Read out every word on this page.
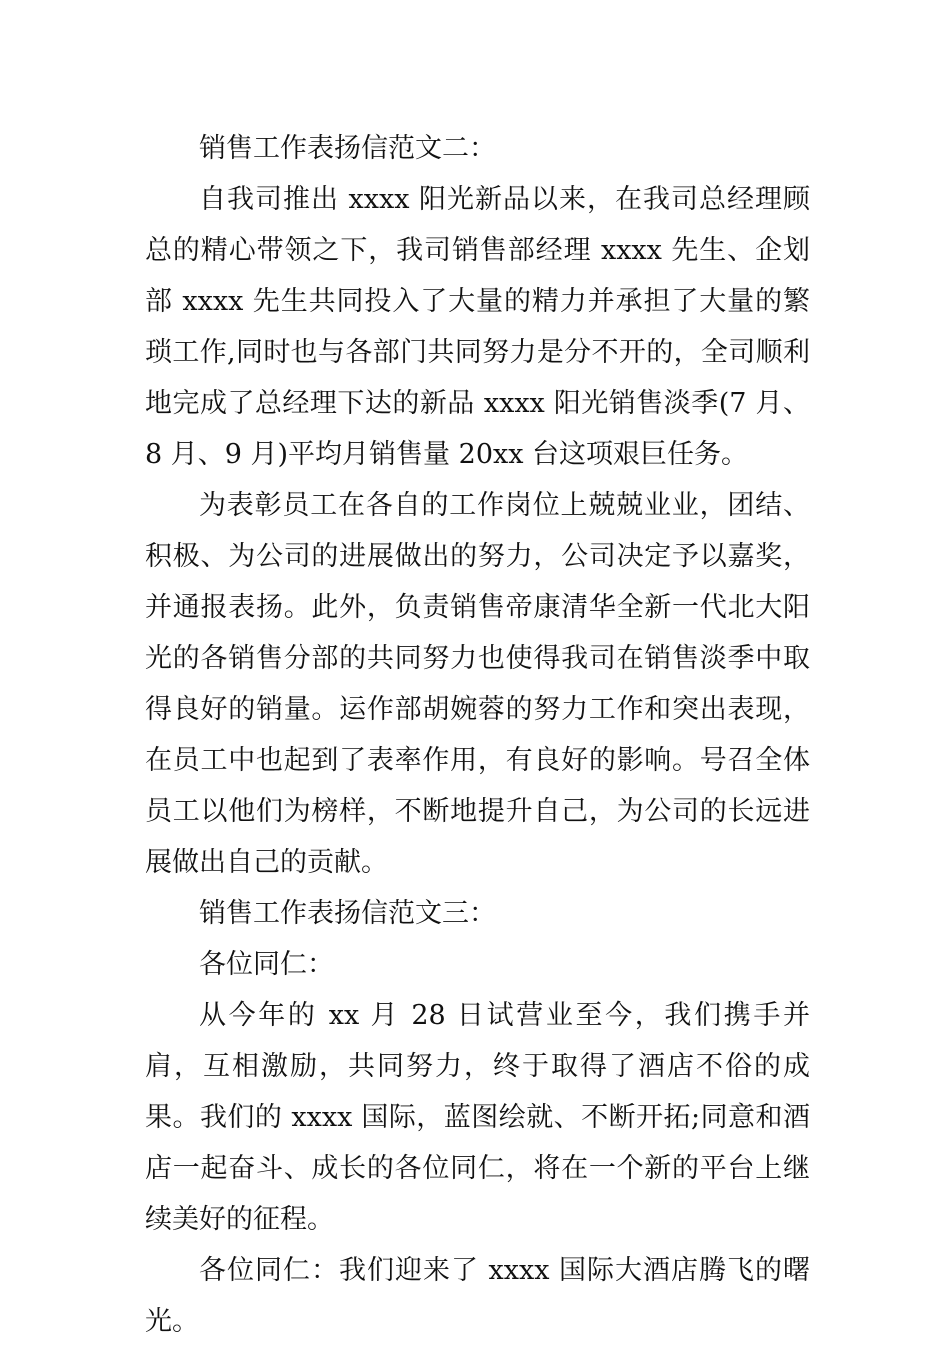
销售工作表扬信范文二：

自我司推出 xxxx 阳光新品以来，在我司总经理顾总的精心带领之下，我司销售部经理 xxxx 先生、企划部 xxxx 先生共同投入了大量的精力并承担了大量的繁琐工作,同时也与各部门共同努力是分不开的，全司顺利地完成了总经理下达的新品 xxxx 阳光销售淡季(7 月、8 月、9 月)平均月销售量 20xx 台这项艰巨任务。

为表彰员工在各自的工作岗位上兢兢业业，团结、积极、为公司的进展做出的努力，公司决定予以嘉奖，并通报表扬。此外，负责销售帝康清华全新一代北大阳光的各销售分部的共同努力也使得我司在销售淡季中取得良好的销量。运作部胡婉蓉的努力工作和突出表现，在员工中也起到了表率作用，有良好的影响。号召全体员工以他们为榜样，不断地提升自己，为公司的长远进展做出自己的贡献。

销售工作表扬信范文三：

各位同仁：

从今年的 xx 月 28 日试营业至今，我们携手并肩，互相激励，共同努力，终于取得了酒店不俗的成果。我们的 xxxx 国际，蓝图绘就、不断开拓;同意和酒店一起奋斗、成长的各位同仁，将在一个新的平台上继续美好的征程。

各位同仁：我们迎来了 xxxx 国际大酒店腾飞的曙光。
